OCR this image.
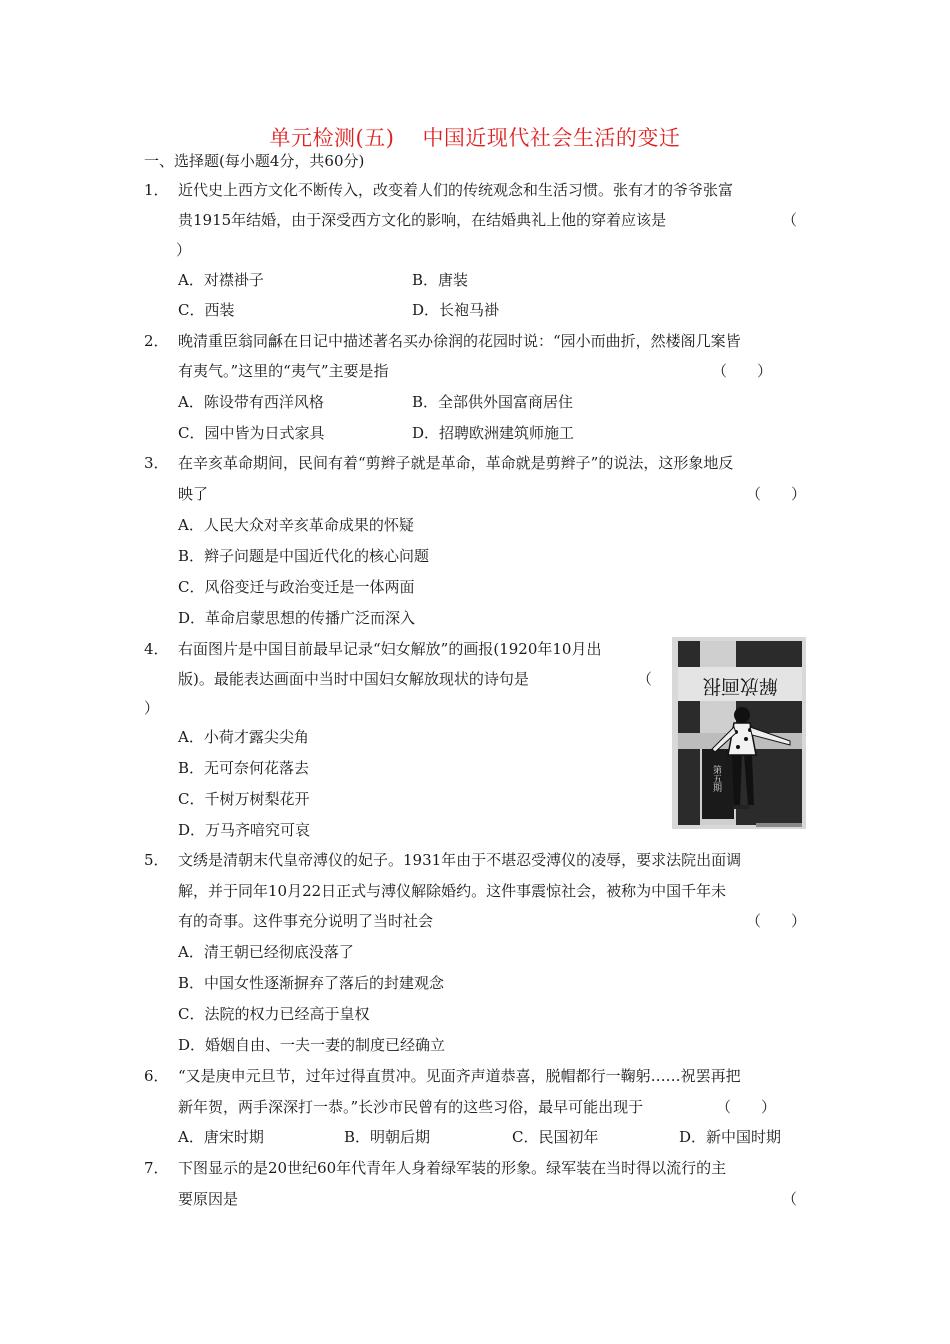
单元检测(五) 中国近现代社会生活的变迁
一、选择题(每小题4分，共60分)
1． 近代史上西方文化不断传入，改变着人们的传统观念和生活习惯。张有才的爷爷张富
贵1915年结婚，由于深受西方文化的影响，在结婚典礼上他的穿着应该是	（
）
A．对襟褂子	B．唐装
C．西装	D．长袍马褂
2． 晚清重臣翁同龢在日记中描述著名买办徐润的花园时说：“园小而曲折，然楼阁几案皆
有夷气。”这里的“夷气”主要是指	（　　）
A．陈设带有西洋风格	B．全部供外国富商居住
C．园中皆为日式家具	D．招聘欧洲建筑师施工
3． 在辛亥革命期间，民间有着“剪辫子就是革命，革命就是剪辫子”的说法，这形象地反
映了	（　　）
A．人民大众对辛亥革命成果的怀疑
B．辫子问题是中国近代化的核心问题
C．风俗变迁与政治变迁是一体两面
D．革命启蒙思想的传播广泛而深入
4． 右面图片是中国目前最早记录“妇女解放”的画报(1920年10月出
版)。最能表达画面中当时中国妇女解放现状的诗句是	（
）
A．小荷才露尖尖角
B．无可奈何花落去
C．千树万树梨花开
D．万马齐喑究可哀
解放画报
第五期
5． 文绣是清朝末代皇帝溥仪的妃子。1931年由于不堪忍受溥仪的凌辱，要求法院出面调
解，并于同年10月22日正式与溥仪解除婚约。这件事震惊社会，被称为中国千年未
有的奇事。这件事充分说明了当时社会	（　　）
A．清王朝已经彻底没落了
B．中国女性逐渐摒弃了落后的封建观念
C．法院的权力已经高于皇权
D．婚姻自由、一夫一妻的制度已经确立
6． “又是庚申元旦节，过年过得直贯冲。见面齐声道恭喜，脱帽都行一鞠躬……祝罢再把
新年贺，两手深深打一恭。”长沙市民曾有的这些习俗，最早可能出现于	（　　）
A．唐宋时期	B．明朝后期	C．民国初年	D．新中国时期
7． 下图显示的是20世纪60年代青年人身着绿军装的形象。绿军装在当时得以流行的主
要原因是	（
